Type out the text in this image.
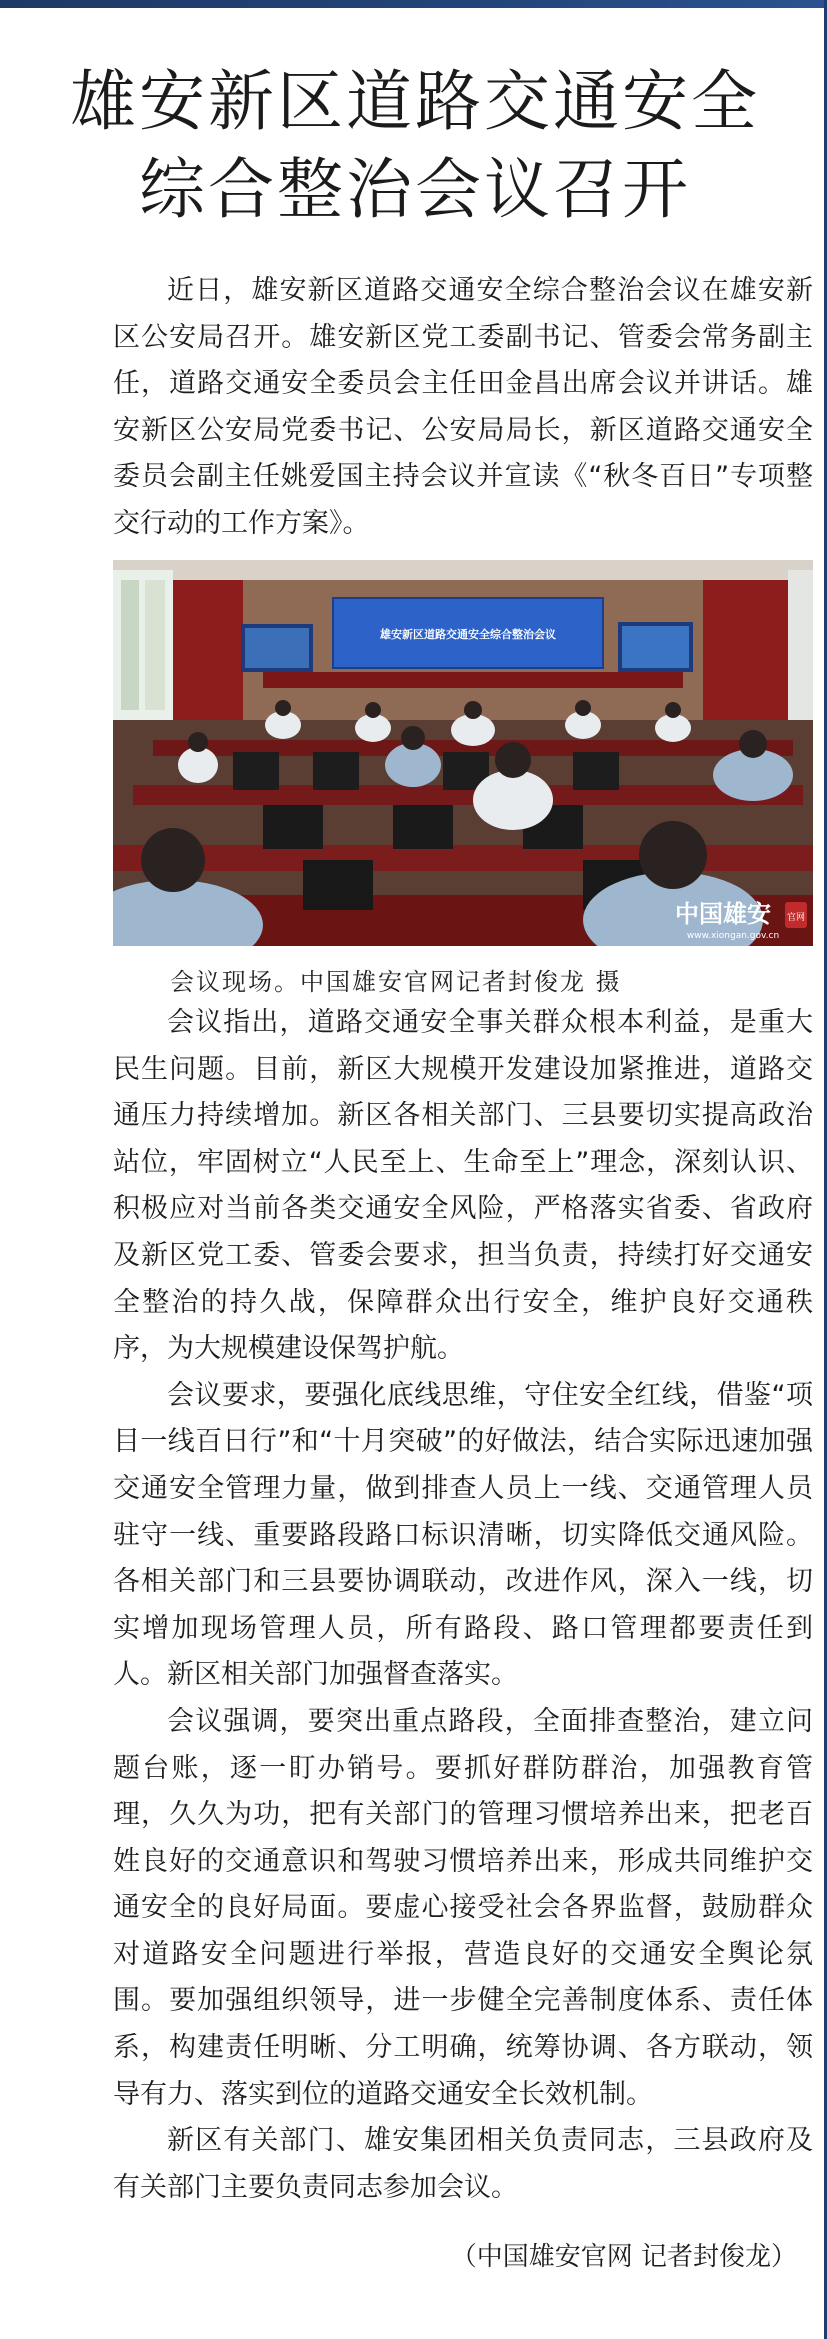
雄安新区道路交通安全
综合整治会议召开

近日，雄安新区道路交通安全综合整治会议在雄安新区公安局召开。雄安新区党工委副书记、管委会常务副主任，道路交通安全委员会主任田金昌出席会议并讲话。雄安新区公安局党委书记、公安局局长，新区道路交通安全委员会副主任姚爱国主持会议并宣读《“秋冬百日”专项整交行动的工作方案》。

雄安新区道路交通安全综合整治会议
中国雄安 官网
www.xiongan.gov.cn
会议现场。中国雄安官网记者封俊龙 摄

会议指出，道路交通安全事关群众根本利益，是重大民生问题。目前，新区大规模开发建设加紧推进，道路交通压力持续增加。新区各相关部门、三县要切实提高政治站位，牢固树立“人民至上、生命至上”理念，深刻认识、积极应对当前各类交通安全风险，严格落实省委、省政府及新区党工委、管委会要求，担当负责，持续打好交通安全整治的持久战，保障群众出行安全，维护良好交通秩序，为大规模建设保驾护航。

会议要求，要强化底线思维，守住安全红线，借鉴“项目一线百日行”和“十月突破”的好做法，结合实际迅速加强交通安全管理力量，做到排查人员上一线、交通管理人员驻守一线、重要路段路口标识清晰，切实降低交通风险。各相关部门和三县要协调联动，改进作风，深入一线，切实增加现场管理人员，所有路段、路口管理都要责任到人。新区相关部门加强督查落实。

会议强调，要突出重点路段，全面排查整治，建立问题台账，逐一盯办销号。要抓好群防群治，加强教育管理，久久为功，把有关部门的管理习惯培养出来，把老百姓良好的交通意识和驾驶习惯培养出来，形成共同维护交通安全的良好局面。要虚心接受社会各界监督，鼓励群众对道路安全问题进行举报，营造良好的交通安全舆论氛围。要加强组织领导，进一步健全完善制度体系、责任体系，构建责任明晰、分工明确，统筹协调、各方联动，领导有力、落实到位的道路交通安全长效机制。

新区有关部门、雄安集团相关负责同志，三县政府及有关部门主要负责同志参加会议。

（中国雄安官网 记者封俊龙）
